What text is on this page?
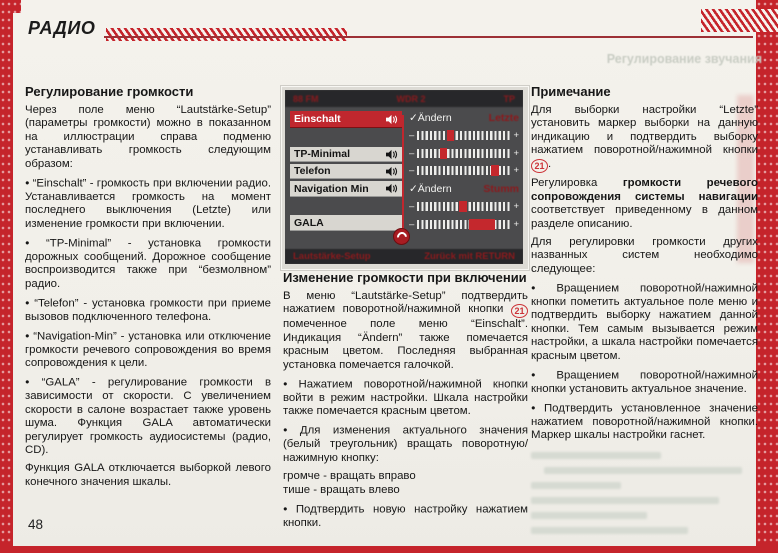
РАДИО
Регулирование звучания

Регулирование громкости

Через поле меню “Lautstärke-Setup” (параметры громкости) можно в показанном на иллюстрации справа подменю устанавливать громкость следующим образом:

● “Einschalt” - громкость при включении радио. Устанавливается громкость на момент последнего выключения (Letzte) или изменение громкости при включении.

● “TP-Minimal” - установка громкости дорожных сообщений. Дорожное сообщение воспроизводится также при “безмолвном” радио.

● “Telefon” - установка громкости при приеме вызовов подключенного телефона.

● “Navigation-Min” - установка или отключение громкости речевого сопровождения во время сопровождения к цели.

● “GALA” - регулирование громкости в зависимости от скорости. С увеличением скорости в салоне возрастает также уровень шума. Функция GALA автоматически регулирует громкость аудиосистемы (радио, CD).

Функция GALA отключается выборкой левого конечного значения шкалы.

88 FM	WDR 2	TP
Einschalt
TP-Minimal
Telefon
Navigation Min
GALA
✓Ändern	Letzte
–	+
–	+
–	+
✓Ändern	Stumm
–	+
–	+
Lautstärke-Setup	Zurück mit RETURN

Изменение громкости при включении

В меню “Lautstärke-Setup” подтвердить нажатием поворотной/нажимной кнопки 21 помеченное поле меню “Einschalt”. Индикация “Ändern” также помечается красным цветом. Последняя выбранная установка помечается галочкой.

● Нажатием поворотной/нажимной кнопки войти в режим настройки. Шкала настройки также помечается красным цветом.

● Для изменения актуального значения (белый треугольник) вращать поворотную/нажимную кнопку:

громче - вращать вправо

тише - вращать влево

● Подтвердить новую настройку нажатием кнопки.

Примечание

Для выборки настройки “Letzte” установить маркер выборки на данную индикацию и подтвердить выборку нажатием поворотной/нажимной кнопки 21 .

Регулировка громкости речевого сопровождения системы навигации соответствует приведенному в данном разделе описанию.

Для регулировки громкости других названных систем необходимо следующее:

● Вращением поворотной/нажимной кнопки пометить актуальное поле меню и подтвердить выборку нажатием данной кнопки. Тем самым вызывается режим настройки, а шкала настройки помечается красным цветом.

● Вращением поворотной/нажимной кнопки установить актуальное значение.

● Подтвердить установленное значение нажатием поворотной/нажимной кнопки. Маркер шкалы настройки гаснет.

48
